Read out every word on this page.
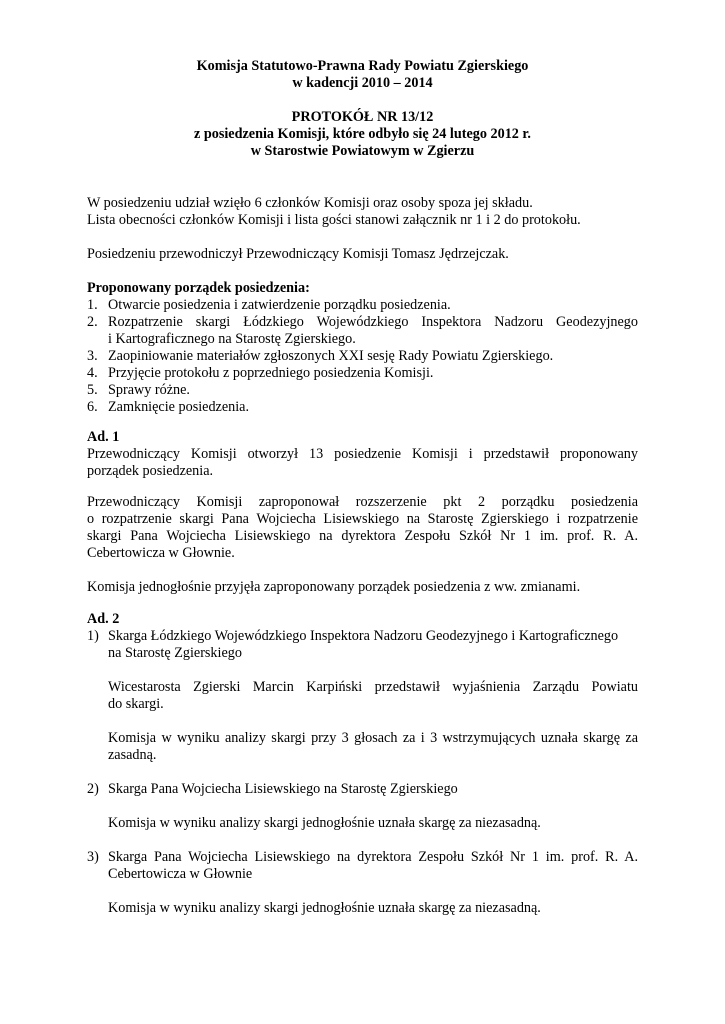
Komisja Statutowo-Prawna Rady Powiatu Zgierskiego
w kadencji 2010 – 2014
PROTOKÓŁ NR 13/12
z posiedzenia Komisji, które odbyło się 24 lutego 2012 r.
w Starostwie Powiatowym w Zgierzu
W posiedzeniu udział wzięło 6 członków Komisji oraz osoby spoza jej składu.
Lista obecności członków Komisji i lista gości stanowi załącznik nr 1 i 2 do protokołu.
Posiedzeniu przewodniczył Przewodniczący Komisji Tomasz Jędrzejczak.
Proponowany porządek posiedzenia:
1. Otwarcie posiedzenia i zatwierdzenie porządku posiedzenia.
2. Rozpatrzenie skargi Łódzkiego Wojewódzkiego Inspektora Nadzoru Geodezyjnego
i Kartograficznego na Starostę Zgierskiego.
3. Zaopiniowanie materiałów zgłoszonych XXI sesję Rady Powiatu Zgierskiego.
4. Przyjęcie protokołu z poprzedniego posiedzenia Komisji.
5. Sprawy różne.
6. Zamknięcie posiedzenia.
Ad. 1
Przewodniczący Komisji otworzył 13 posiedzenie Komisji i przedstawił proponowany
porządek posiedzenia.
Przewodniczący Komisji zaproponował rozszerzenie pkt 2 porządku posiedzenia
o rozpatrzenie skargi Pana Wojciecha Lisiewskiego na Starostę Zgierskiego i rozpatrzenie
skargi Pana Wojciecha Lisiewskiego na dyrektora Zespołu Szkół Nr 1 im. prof. R. A.
Cebertowicza w Głownie.
Komisja jednogłośnie przyjęła zaproponowany porządek posiedzenia z ww. zmianami.
Ad. 2
1) Skarga Łódzkiego Wojewódzkiego Inspektora Nadzoru Geodezyjnego i Kartograficznego
na Starostę Zgierskiego
Wicestarosta Zgierski Marcin Karpiński przedstawił wyjaśnienia Zarządu Powiatu
do skargi.
Komisja w wyniku analizy skargi przy 3 głosach za i 3 wstrzymujących uznała skargę za
zasadną.
2) Skarga Pana Wojciecha Lisiewskiego na Starostę Zgierskiego
Komisja w wyniku analizy skargi jednogłośnie uznała skargę za niezasadną.
3) Skarga Pana Wojciecha Lisiewskiego na dyrektora Zespołu Szkół Nr 1 im. prof. R. A.
Cebertowicza w Głownie
Komisja w wyniku analizy skargi jednogłośnie uznała skargę za niezasadną.
